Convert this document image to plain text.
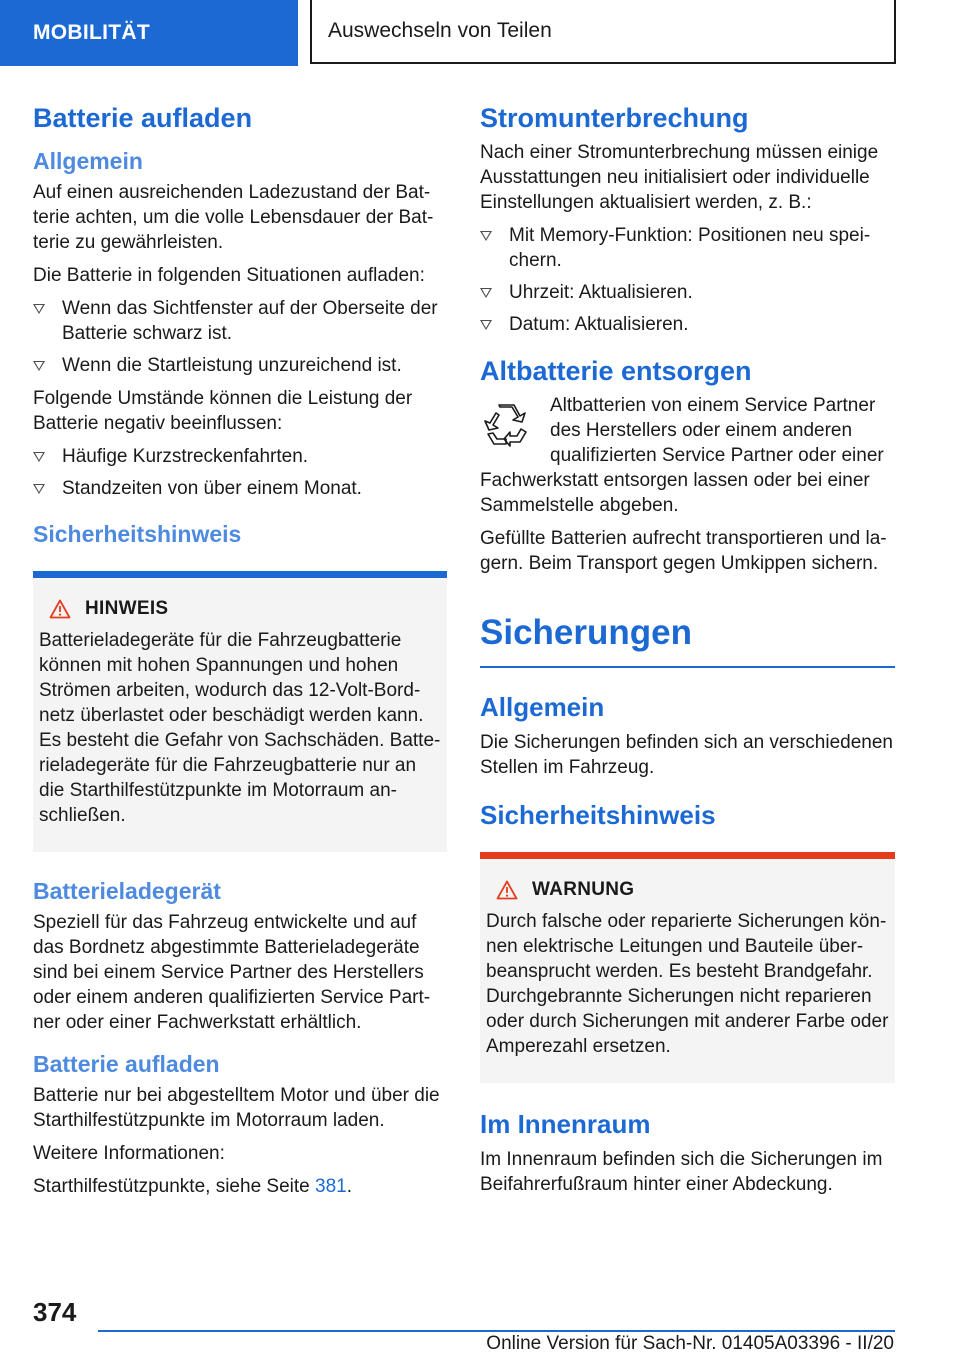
MOBILITÄT	Auswechseln von Teilen
Batterie aufladen
Allgemein

Auf einen ausreichenden Ladezustand der Batterie achten, um die volle Lebensdauer der Batterie zu gewährleisten.

Die Batterie in folgenden Situationen aufladen:

Wenn das Sichtfenster auf der Oberseite der Batterie schwarz ist.
Wenn die Startleistung unzureichend ist.

Folgende Umstände können die Leistung der Batterie negativ beeinflussen:

Häufige Kurzstreckenfahrten.
Standzeiten von über einem Monat.
Sicherheitshinweis
HINWEIS

Batterieladegeräte für die Fahrzeugbatterie können mit hohen Spannungen und hohen Strömen arbeiten, wodurch das 12-Volt-Bordnetz überlastet oder beschädigt werden kann. Es besteht die Gefahr von Sachschäden. Batterieladegeräte für die Fahrzeugbatterie nur an die Starthilfestützpunkte im Motorraum anschließen.

Batterieladegerät

Speziell für das Fahrzeug entwickelte und auf das Bordnetz abgestimmte Batterieladegeräte sind bei einem Service Partner des Herstellers oder einem anderen qualifizierten Service Partner oder einer Fachwerkstatt erhältlich.

Batterie aufladen

Batterie nur bei abgestelltem Motor und über die Starthilfestützpunkte im Motorraum laden.

Weitere Informationen:

Starthilfestützpunkte, siehe Seite 381.

Stromunterbrechung

Nach einer Stromunterbrechung müssen einige Ausstattungen neu initialisiert oder individuelle Einstellungen aktualisiert werden, z. B.:

Mit Memory-Funktion: Positionen neu speichern.
Uhrzeit: Aktualisieren.
Datum: Aktualisieren.
Altbatterie entsorgen

Altbatterien von einem Service Partner des Herstellers oder einem anderen qualifizierten Service Partner oder einer

Fachwerkstatt entsorgen lassen oder bei einer Sammelstelle abgeben.

Gefüllte Batterien aufrecht transportieren und lagern. Beim Transport gegen Umkippen sichern.

Sicherungen
Allgemein

Die Sicherungen befinden sich an verschiedenen Stellen im Fahrzeug.

Sicherheitshinweis
WARNUNG

Durch falsche oder reparierte Sicherungen können elektrische Leitungen und Bauteile überbeansprucht werden. Es besteht Brandgefahr. Durchgebrannte Sicherungen nicht reparieren oder durch Sicherungen mit anderer Farbe oder Amperezahl ersetzen.

Im Innenraum

Im Innenraum befinden sich die Sicherungen im Beifahrerfußraum hinter einer Abdeckung.

374
Online Version für Sach-Nr. 01405A03396 - II/20
